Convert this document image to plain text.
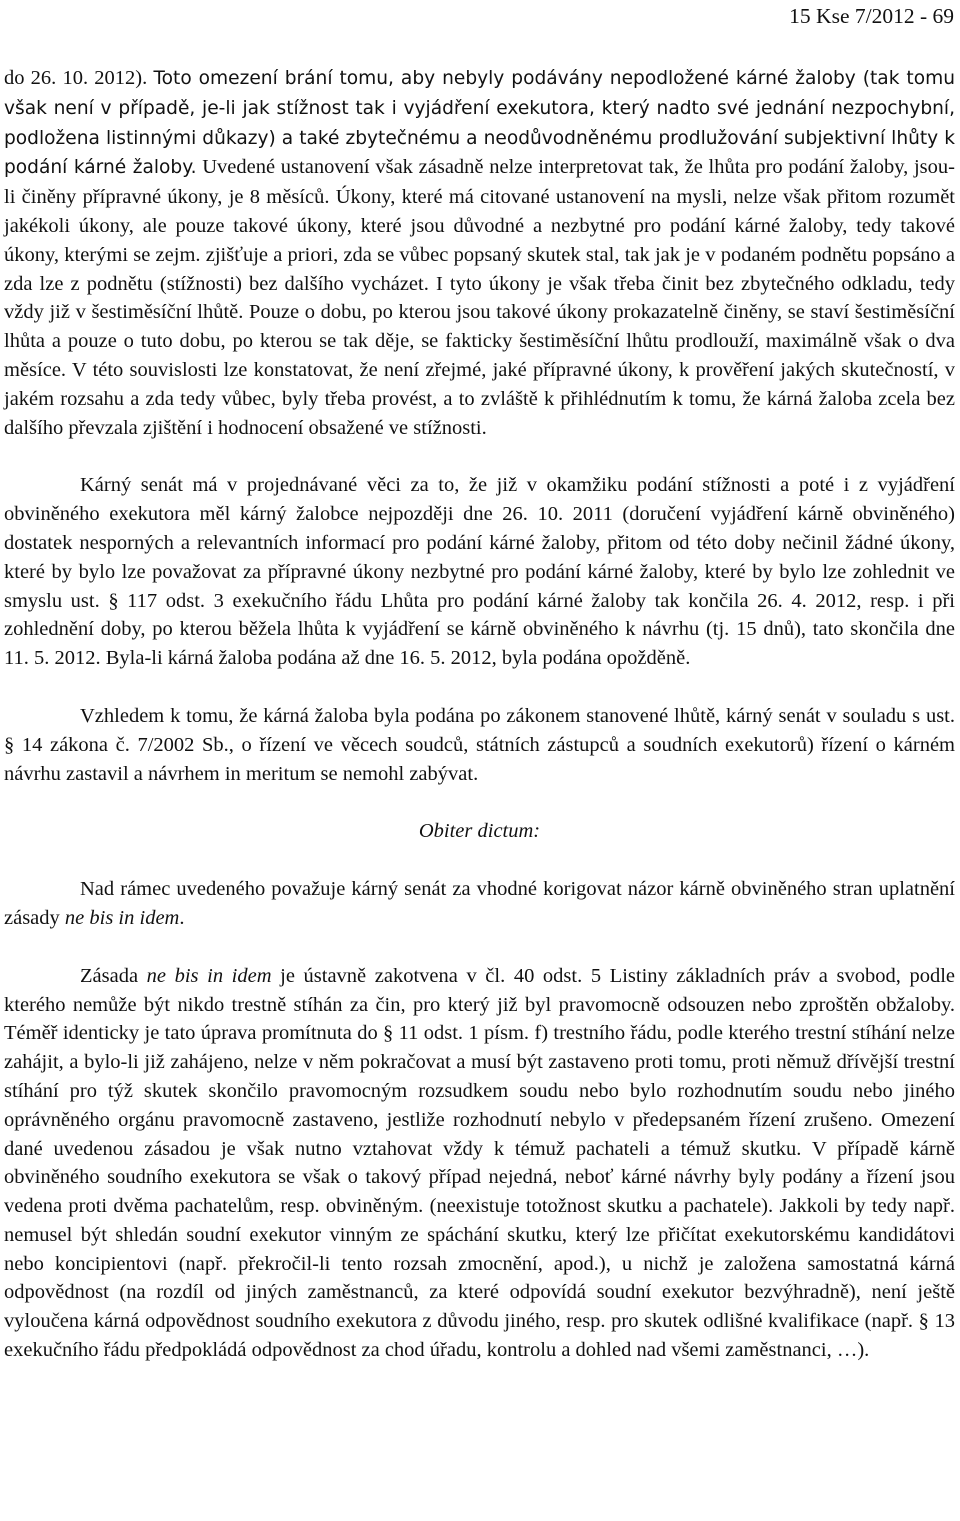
15 Kse 7/2012 - 69

do 26. 10. 2012). Toto omezení brání tomu, aby nebyly podávány nepodložené kárné žaloby (tak tomu však není v případě, je-li jak stížnost tak i vyjádření exekutora, který nadto své jednání nezpochybní, podložena listinnými důkazy) a také zbytečnému a neodůvodněnému prodlužování subjektivní lhůty k podání kárné žaloby. Uvedené ustanovení však zásadně nelze interpretovat tak, že lhůta pro podání žaloby, jsou-li činěny přípravné úkony, je 8 měsíců. Úkony, které má citované ustanovení na mysli, nelze však přitom rozumět jakékoli úkony, ale pouze takové úkony, které jsou důvodné a nezbytné pro podání kárné žaloby, tedy takové úkony, kterými se zejm. zjišťuje a priori, zda se vůbec popsaný skutek stal, tak jak je v podaném podnětu popsáno a zda lze z podnětu (stížnosti) bez dalšího vycházet. I tyto úkony je však třeba činit bez zbytečného odkladu, tedy vždy již v šestiměsíční lhůtě. Pouze o dobu, po kterou jsou takové úkony prokazatelně činěny, se staví šestiměsíční lhůta a pouze o tuto dobu, po kterou se tak děje, se fakticky šestiměsíční lhůtu prodlouží, maximálně však o dva měsíce. V této souvislosti lze konstatovat, že není zřejmé, jaké přípravné úkony, k prověření jakých skutečností, v jakém rozsahu a zda tedy vůbec, byly třeba provést, a to zvláště k přihlédnutím k tomu, že kárná žaloba zcela bez dalšího převzala zjištění i hodnocení obsažené ve stížnosti.

Kárný senát má v projednávané věci za to, že již v okamžiku podání stížnosti a poté i z vyjádření obviněného exekutora měl kárný žalobce nejpozději dne 26. 10. 2011 (doručení vyjádření kárně obviněného) dostatek nesporných a relevantních informací pro podání kárné žaloby, přitom od této doby nečinil žádné úkony, které by bylo lze považovat za přípravné úkony nezbytné pro podání kárné žaloby, které by bylo lze zohlednit ve smyslu ust. § 117 odst. 3 exekučního řádu Lhůta pro podání kárné žaloby tak končila 26. 4. 2012, resp. i při zohlednění doby, po kterou běžela lhůta k vyjádření se kárně obviněného k návrhu (tj. 15 dnů), tato skončila dne 11. 5. 2012. Byla-li kárná žaloba podána až dne 16. 5. 2012, byla podána opožděně.

Vzhledem k tomu, že kárná žaloba byla podána po zákonem stanovené lhůtě, kárný senát v souladu s ust. § 14 zákona č. 7/2002 Sb., o řízení ve věcech soudců, státních zástupců a soudních exekutorů) řízení o kárném návrhu zastavil a návrhem in meritum se nemohl zabývat.

Obiter dictum:

Nad rámec uvedeného považuje kárný senát za vhodné korigovat názor kárně obviněného stran uplatnění zásady ne bis in idem.

Zásada ne bis in idem je ústavně zakotvena v čl. 40 odst. 5 Listiny základních práv a svobod, podle kterého nemůže být nikdo trestně stíhán za čin, pro který již byl pravomocně odsouzen nebo zproštěn obžaloby. Téměř identicky je tato úprava promítnuta do § 11 odst. 1 písm. f) trestního řádu, podle kterého trestní stíhání nelze zahájit, a bylo-li již zahájeno, nelze v něm pokračovat a musí být zastaveno proti tomu, proti němuž dřívější trestní stíhání pro týž skutek skončilo pravomocným rozsudkem soudu nebo bylo rozhodnutím soudu nebo jiného oprávněného orgánu pravomocně zastaveno, jestliže rozhodnutí nebylo v předepsaném řízení zrušeno. Omezení dané uvedenou zásadou je však nutno vztahovat vždy k témuž pachateli a témuž skutku. V případě kárně obviněného soudního exekutora se však o takový případ nejedná, neboť kárné návrhy byly podány a řízení jsou vedena proti dvěma pachatelům, resp. obviněným. (neexistuje totožnost skutku a pachatele). Jakkoli by tedy např. nemusel být shledán soudní exekutor vinným ze spáchání skutku, který lze přičítat exekutorskému kandidátovi nebo koncipientovi (např. překročil-li tento rozsah zmocnění, apod.), u nichž je založena samostatná kárná odpovědnost (na rozdíl od jiných zaměstnanců, za které odpovídá soudní exekutor bezvýhradně), není ještě vyloučena kárná odpovědnost soudního exekutora z důvodu jiného, resp. pro skutek odlišné kvalifikace (např. § 13 exekučního řádu předpokládá odpovědnost za chod úřadu, kontrolu a dohled nad všemi zaměstnanci, …).
